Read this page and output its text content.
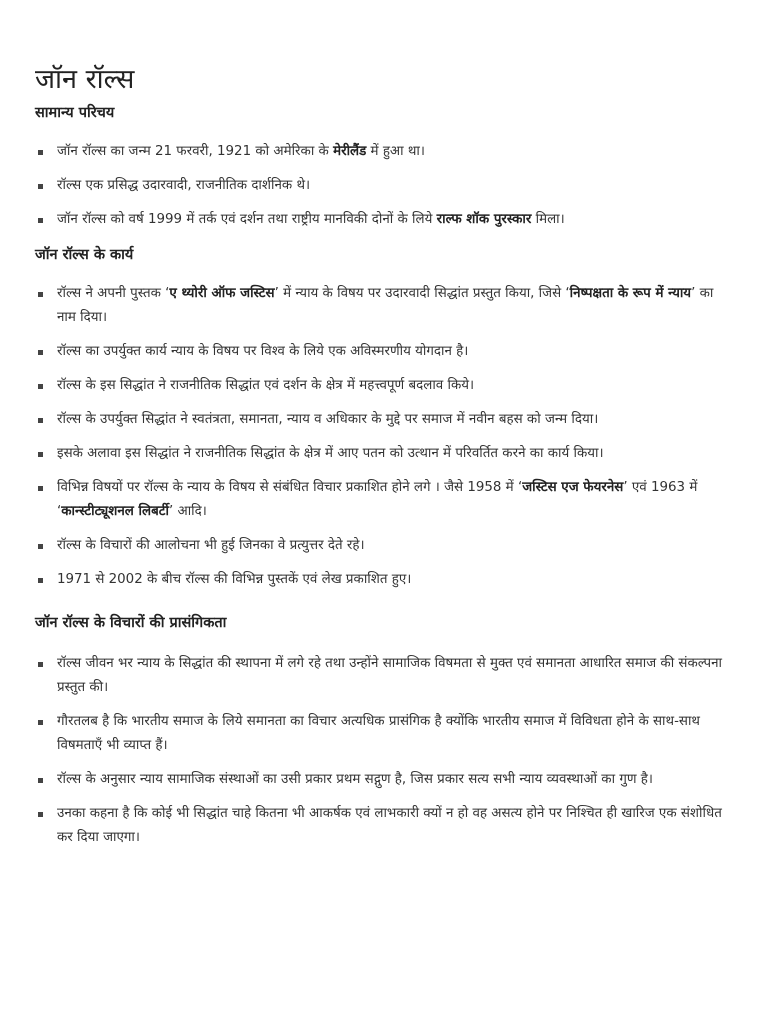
जॉन रॉल्स
सामान्य परिचय
जॉन रॉल्स का जन्म 21 फरवरी, 1921 को अमेरिका के मेरीलैंड में हुआ था।
रॉल्स एक प्रसिद्ध उदारवादी, राजनीतिक दार्शनिक थे।
जॉन रॉल्स को वर्ष 1999 में तर्क एवं दर्शन तथा राष्ट्रीय मानविकी दोनों के लिये राल्फ शॉक पुरस्कार मिला।
जॉन रॉल्स के कार्य
रॉल्स ने अपनी पुस्तक ‘ए थ्योरी ऑफ जस्टिस’ में न्याय के विषय पर उदारवादी सिद्धांत प्रस्तुत किया, जिसे ‘निष्पक्षता के रूप में न्याय’ का नाम दिया।
रॉल्स का उपर्युक्त कार्य न्याय के विषय पर विश्व के लिये एक अविस्मरणीय योगदान है।
रॉल्स के इस सिद्धांत ने राजनीतिक सिद्धांत एवं दर्शन के क्षेत्र में महत्त्वपूर्ण बदलाव किये।
रॉल्स के उपर्युक्त सिद्धांत ने स्वतंत्रता, समानता, न्याय व अधिकार के मुद्दे पर समाज में नवीन बहस को जन्म दिया।
इसके अलावा इस सिद्धांत ने राजनीतिक सिद्धांत के क्षेत्र में आए पतन को उत्थान में परिवर्तित करने का कार्य किया।
विभिन्न विषयों पर रॉल्स के न्याय के विषय से संबंधित विचार प्रकाशित होने लगे । जैसे 1958 में ‘जस्टिस एज फेयरनेस’ एवं 1963 में ‘कान्स्टीट्यूशनल लिबर्टी’ आदि।
रॉल्स के विचारों की आलोचना भी हुई जिनका वे प्रत्युत्तर देते रहे।
1971 से 2002 के बीच रॉल्स की विभिन्न पुस्तकें एवं लेख प्रकाशित हुए।
जॉन रॉल्स के विचारों की प्रासंगिकता
रॉल्स जीवन भर न्याय के सिद्धांत की स्थापना में लगे रहे तथा उन्होंने सामाजिक विषमता से मुक्त एवं समानता आधारित समाज की संकल्पना प्रस्तुत की।
गौरतलब है कि भारतीय समाज के लिये समानता का विचार अत्यधिक प्रासंगिक है क्योंकि भारतीय समाज में विविधता होने के साथ-साथ विषमताएँ भी व्याप्त हैं।
रॉल्स के अनुसार न्याय सामाजिक संस्थाओं का उसी प्रकार प्रथम सद्गुण है, जिस प्रकार सत्य सभी न्याय व्यवस्थाओं का गुण है।
उनका कहना है कि कोई भी सिद्धांत चाहे कितना भी आकर्षक एवं लाभकारी क्यों न हो वह असत्य होने पर निश्चित ही खारिज एक संशोधित कर दिया जाएगा।
